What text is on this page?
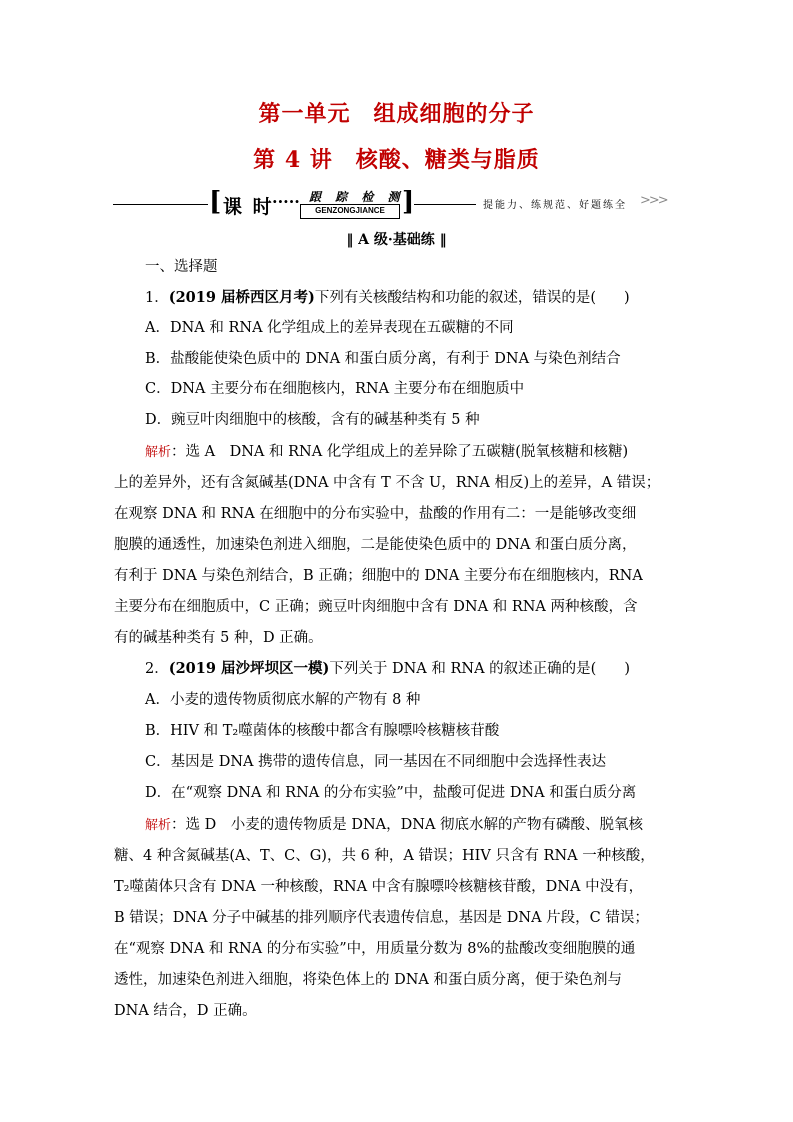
第一单元　组成细胞的分子
第 4 讲　核酸、糖类与脂质
[ 课 时
····· 跟 踪 检 测
GENZONGJIANCE ]	提能力、练规范、好题练全 >>>
‖ A 级·基础练 ‖
一、选择题
1．(2019 届桥西区月考)下列有关核酸结构和功能的叙述，错误的是( )
A．DNA 和 RNA 化学组成上的差异表现在五碳糖的不同
B．盐酸能使染色质中的 DNA 和蛋白质分离，有利于 DNA 与染色剂结合
C．DNA 主要分布在细胞核内，RNA 主要分布在细胞质中
D．豌豆叶肉细胞中的核酸，含有的碱基种类有 5 种
解析：选 A　DNA 和 RNA 化学组成上的差异除了五碳糖(脱氧核糖和核糖)
上的差异外，还有含氮碱基(DNA 中含有 T 不含 U，RNA 相反)上的差异，A 错误；
在观察 DNA 和 RNA 在细胞中的分布实验中，盐酸的作用有二：一是能够改变细
胞膜的通透性，加速染色剂进入细胞，二是能使染色质中的 DNA 和蛋白质分离，
有利于 DNA 与染色剂结合，B 正确；细胞中的 DNA 主要分布在细胞核内，RNA
主要分布在细胞质中，C 正确；豌豆叶肉细胞中含有 DNA 和 RNA 两种核酸，含
有的碱基种类有 5 种，D 正确。
2．(2019 届沙坪坝区一模)下列关于 DNA 和 RNA 的叙述正确的是( )
A．小麦的遗传物质彻底水解的产物有 8 种
B．HIV 和 T₂噬菌体的核酸中都含有腺嘌呤核糖核苷酸
C．基因是 DNA 携带的遗传信息，同一基因在不同细胞中会选择性表达
D．在“观察 DNA 和 RNA 的分布实验”中，盐酸可促进 DNA 和蛋白质分离
解析：选 D　小麦的遗传物质是 DNA，DNA 彻底水解的产物有磷酸、脱氧核
糖、4 种含氮碱基(A、T、C、G)，共 6 种，A 错误；HIV 只含有 RNA 一种核酸，
T₂噬菌体只含有 DNA 一种核酸，RNA 中含有腺嘌呤核糖核苷酸，DNA 中没有，
B 错误；DNA 分子中碱基的排列顺序代表遗传信息，基因是 DNA 片段，C 错误；
在“观察 DNA 和 RNA 的分布实验”中，用质量分数为 8%的盐酸改变细胞膜的通
透性，加速染色剂进入细胞，将染色体上的 DNA 和蛋白质分离，便于染色剂与
DNA 结合，D 正确。
